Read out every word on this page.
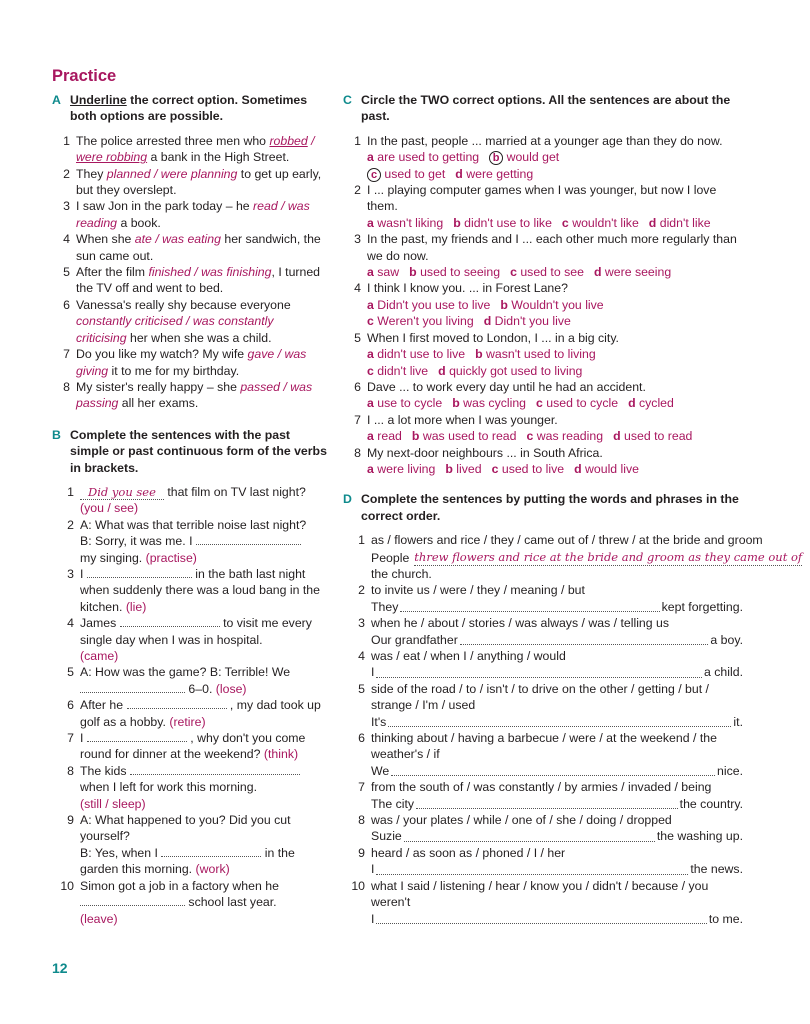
Practice
A Underline the correct option. Sometimes both options are possible.
1 The police arrested three men who robbed / were robbing a bank in the High Street.
2 They planned / were planning to get up early, but they overslept.
3 I saw Jon in the park today – he read / was reading a book.
4 When she ate / was eating her sandwich, the sun came out.
5 After the film finished / was finishing, I turned the TV off and went to bed.
6 Vanessa's really shy because everyone constantly criticised / was constantly criticising her when she was a child.
7 Do you like my watch? My wife gave / was giving it to me for my birthday.
8 My sister's really happy – she passed / was passing all her exams.
B Complete the sentences with the past simple or past continuous form of the verbs in brackets.
1	Did you see that film on TV last night? (you / see)
2 A: What was that terrible noise last night?
B: Sorry, it was me. I
my singing. (practise)
3 I	in the bath last night when suddenly there was a loud bang in the kitchen. (lie)
4 James	to visit me every single day when I was in hospital.
(came)
5 A: How was the game? B: Terrible! We
6–0. (lose)
6 After he	, my dad took up golf as a hobby. (retire)
7 I	, why don't you come round for dinner at the weekend? (think)
8 The kids
when I left for work this morning.
(still / sleep)
9 A: What happened to you? Did you cut yourself?
B: Yes, when I	in the garden this morning. (work)
10 Simon got a job in a factory when he
school last year.
(leave)
C Circle the TWO correct options. All the sentences are about the past.
1 In the past, people ... married at a younger age than they do now.
a are used to getting b would get
c used to get d were getting
2 I ... playing computer games when I was younger, but now I love them.
a wasn't liking b didn't use to like c wouldn't like d didn't like
3 In the past, my friends and I ... each other much more regularly than we do now.
a saw b used to seeing c used to see d were seeing
4 I think I know you. ... in Forest Lane?
a Didn't you use to live b Wouldn't you live
c Weren't you living d Didn't you live
5 When I first moved to London, I ... in a big city.
a didn't use to live b wasn't used to living
c didn't live d quickly got used to living
6 Dave ... to work every day until he had an accident.
a use to cycle b was cycling c used to cycle d cycled
7 I ... a lot more when I was younger.
a read b was used to read c was reading d used to read
8 My next-door neighbours ... in South Africa.
a were living b lived c used to live d would live
D Complete the sentences by putting the words and phrases in the correct order.
1 as / flowers and rice / they / came out of / threw / at the bride and groom
People threw flowers and rice at the bride and groom as they came out of
the church.
2 to invite us / were / they / meaning / but
They	kept forgetting.
3 when he / about / stories / was always / was / telling us
Our grandfather	a boy.
4 was / eat / when I / anything / would
I	a child.
5 side of the road / to / isn't / to drive on the other / getting / but / strange / I'm / used
It's	it.
6 thinking about / having a barbecue / were / at the weekend / the weather's / if
We	nice.
7 from the south of / was constantly / by armies / invaded / being
The city	the country.
8 was / your plates / while / one of / she / doing / dropped
Suzie	the washing up.
9 heard / as soon as / phoned / I / her
I	the news.
10 what I said / listening / hear / know you / didn't / because / you weren't
I	to me.
12
